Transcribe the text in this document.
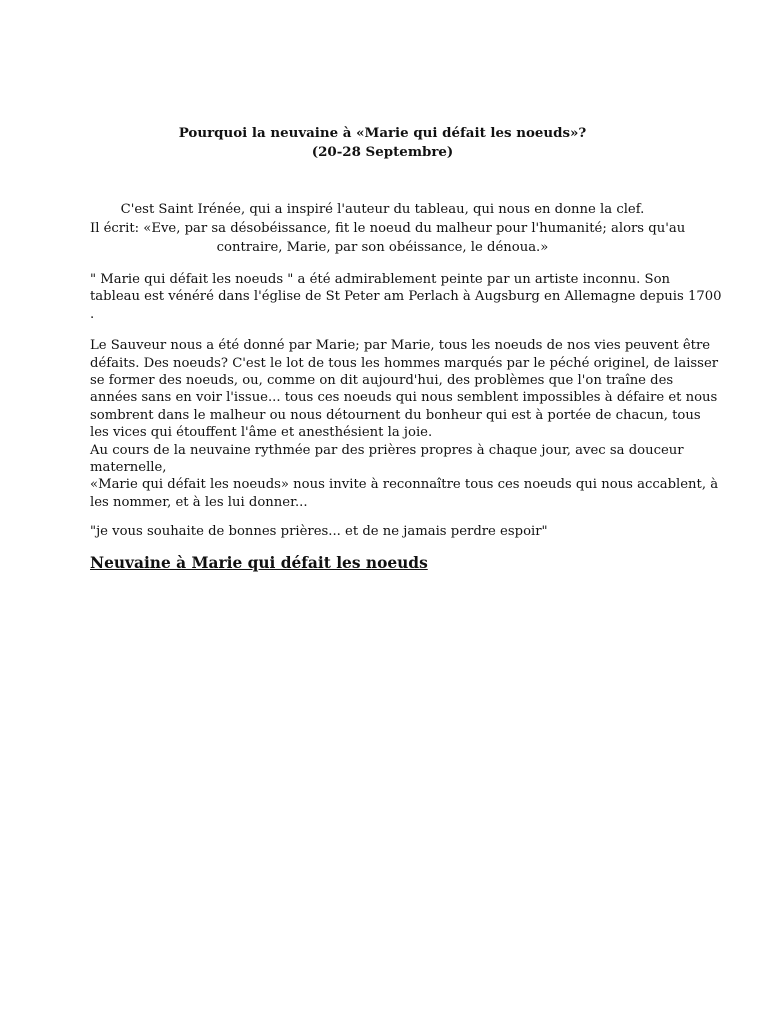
Pourquoi la neuvaine à «Marie qui défait les noeuds»?
(20-28 Septembre)
C'est Saint Irénée, qui a inspiré l'auteur du tableau, qui nous en donne la clef.
Il écrit: «Eve, par sa désobéissance, fit le noeud du malheur pour l'humanité; alors qu'au
contraire, Marie, par son obéissance, le dénoua.»
" Marie qui défait les noeuds " a été admirablement peinte par un artiste inconnu. Son
tableau est vénéré dans l'église de St Peter am Perlach à Augsburg en Allemagne depuis 1700
.
Le Sauveur nous a été donné par Marie; par Marie, tous les noeuds de nos vies peuvent être
défaits. Des noeuds? C'est le lot de tous les hommes marqués par le péché originel, de laisser
se former des noeuds, ou, comme on dit aujourd'hui, des problèmes que l'on traîne des
années sans en voir l'issue... tous ces noeuds qui nous semblent impossibles à défaire et nous
sombrent dans le malheur ou nous détournent du bonheur qui est à portée de chacun, tous
les vices qui étouffent l'âme et anesthésient la joie.
Au cours de la neuvaine rythmée par des prières propres à chaque jour, avec sa douceur
maternelle,
«Marie qui défait les noeuds» nous invite à reconnaître tous ces noeuds qui nous accablent, à
les nommer, et à les lui donner...
"je vous souhaite de bonnes prières... et de ne jamais perdre espoir"
Neuvaine à Marie qui défait les noeuds
